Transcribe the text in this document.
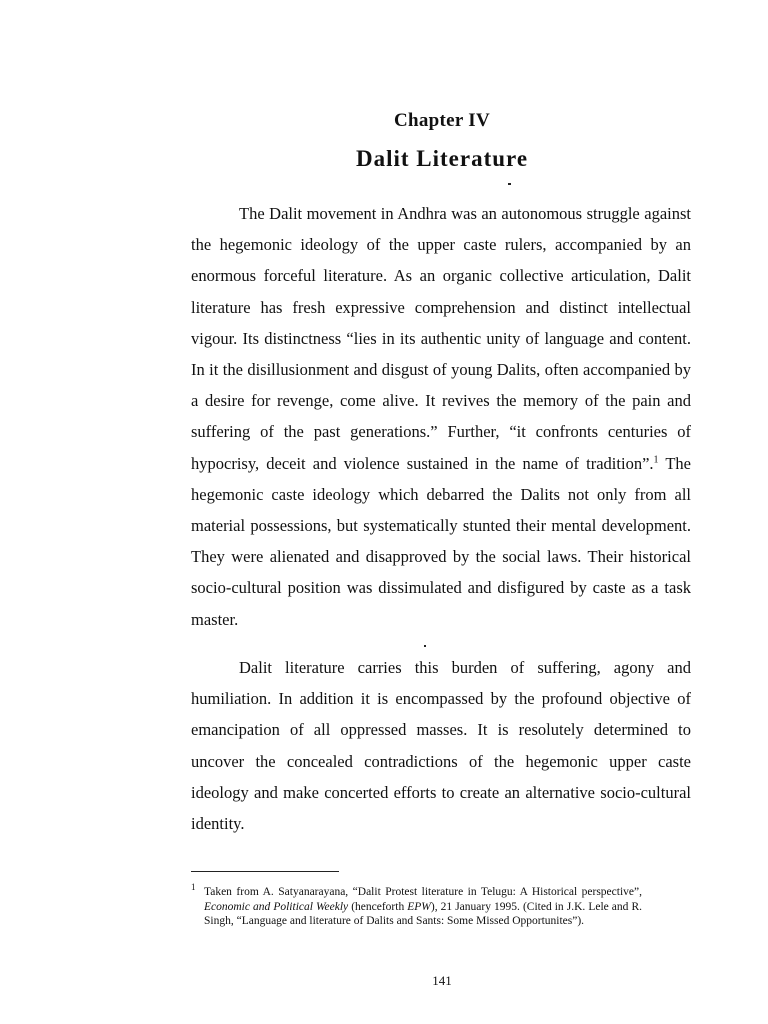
Chapter IV
Dalit Literature

The Dalit movement in Andhra was an autonomous struggle against the hegemonic ideology of the upper caste rulers, accompanied by an enormous forceful literature. As an organic collective articulation, Dalit literature has fresh expressive comprehension and distinct intellectual vigour. Its distinctness “lies in its authentic unity of language and content. In it the disillusionment and disgust of young Dalits, often accompanied by a desire for revenge, come alive. It revives the memory of the pain and suffering of the past generations.” Further, “it confronts centuries of hypocrisy, deceit and violence sustained in the name of tradition”.$^1$ The hegemonic caste ideology which debarred the Dalits not only from all material possessions, but systematically stunted their mental development. They were alienated and disapproved by the social laws. Their historical socio-cultural position was dissimulated and disfigured by caste as a task master.

Dalit literature carries this burden of suffering, agony and humiliation. In addition it is encompassed by the profound objective of emancipation of all oppressed masses. It is resolutely determined to uncover the concealed contradictions of the hegemonic upper caste ideology and make concerted efforts to create an alternative socio-cultural identity.

1 Taken from A. Satyanarayana, “Dalit Protest literature in Telugu: A Historical perspective”, Economic and Political Weekly (henceforth EPW), 21 January 1995. (Cited in J.K. Lele and R. Singh, “Language and literature of Dalits and Sants: Some Missed Opportunites”).
141
